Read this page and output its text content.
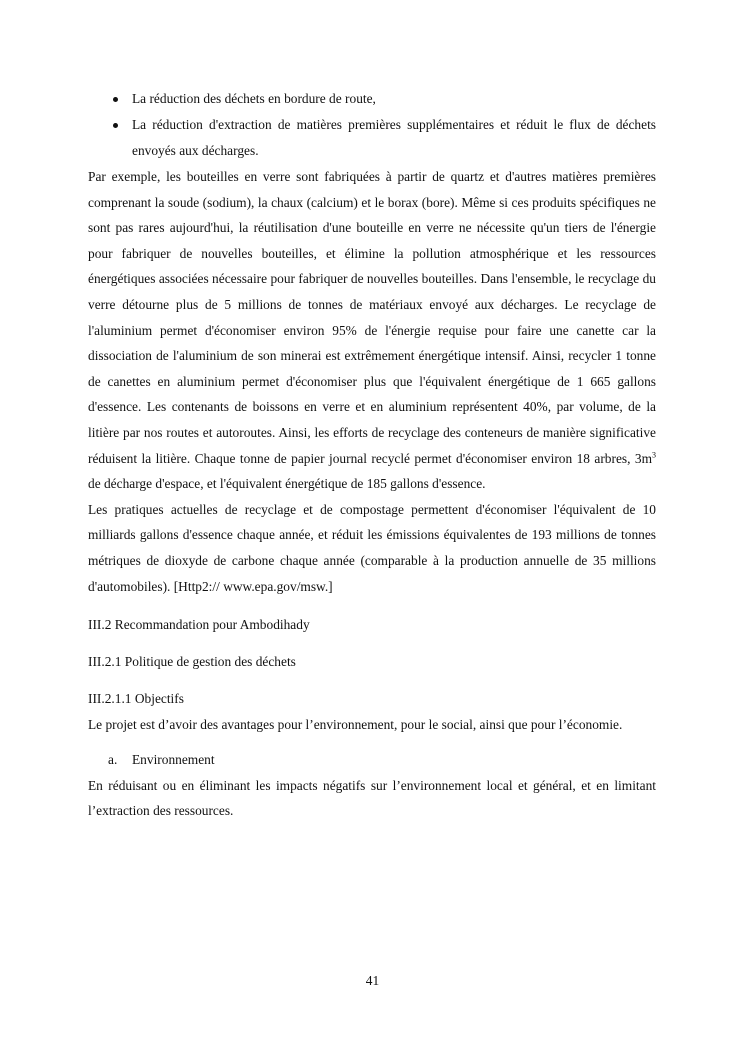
La réduction des déchets en bordure de route,
La réduction d'extraction de matières premières supplémentaires et réduit le flux de déchets envoyés aux décharges.

Par exemple, les bouteilles en verre sont fabriquées à partir de quartz et d'autres matières premières comprenant la soude (sodium), la chaux (calcium) et le borax (bore). Même si ces produits spécifiques ne sont pas rares aujourd'hui, la réutilisation d'une bouteille en verre ne nécessite qu'un tiers de l'énergie pour fabriquer de nouvelles bouteilles, et élimine la pollution atmosphérique et les ressources énergétiques associées nécessaire pour fabriquer de nouvelles bouteilles. Dans l'ensemble, le recyclage du verre détourne plus de 5 millions de tonnes de matériaux envoyé aux décharges. Le recyclage de l'aluminium permet d'économiser environ 95% de l'énergie requise pour faire une canette car la dissociation de l'aluminium de son minerai est extrêmement énergétique intensif. Ainsi, recycler 1 tonne de canettes en aluminium permet d'économiser plus que l'équivalent énergétique de 1 665 gallons d'essence. Les contenants de boissons en verre et en aluminium représentent 40%, par volume, de la litière par nos routes et autoroutes. Ainsi, les efforts de recyclage des conteneurs de manière significative réduisent la litière. Chaque tonne de papier journal recyclé permet d'économiser environ 18 arbres, $3m^3$ de décharge d'espace, et l'équivalent énergétique de 185 gallons d'essence.

Les pratiques actuelles de recyclage et de compostage permettent d'économiser l'équivalent de 10 milliards gallons d'essence chaque année, et réduit les émissions équivalentes de 193 millions de tonnes métriques de dioxyde de carbone chaque année (comparable à la production annuelle de 35 millions d'automobiles). [Http2:// www.epa.gov/msw.]

III.2 Recommandation pour Ambodihady
III.2.1 Politique de gestion des déchets
III.2.1.1 Objectifs

Le projet est d’avoir des avantages pour l’environnement, pour le social, ainsi que pour l’économie.

a. Environnement

En réduisant ou en éliminant les impacts négatifs sur l’environnement local et général, et en limitant l’extraction des ressources.

41
